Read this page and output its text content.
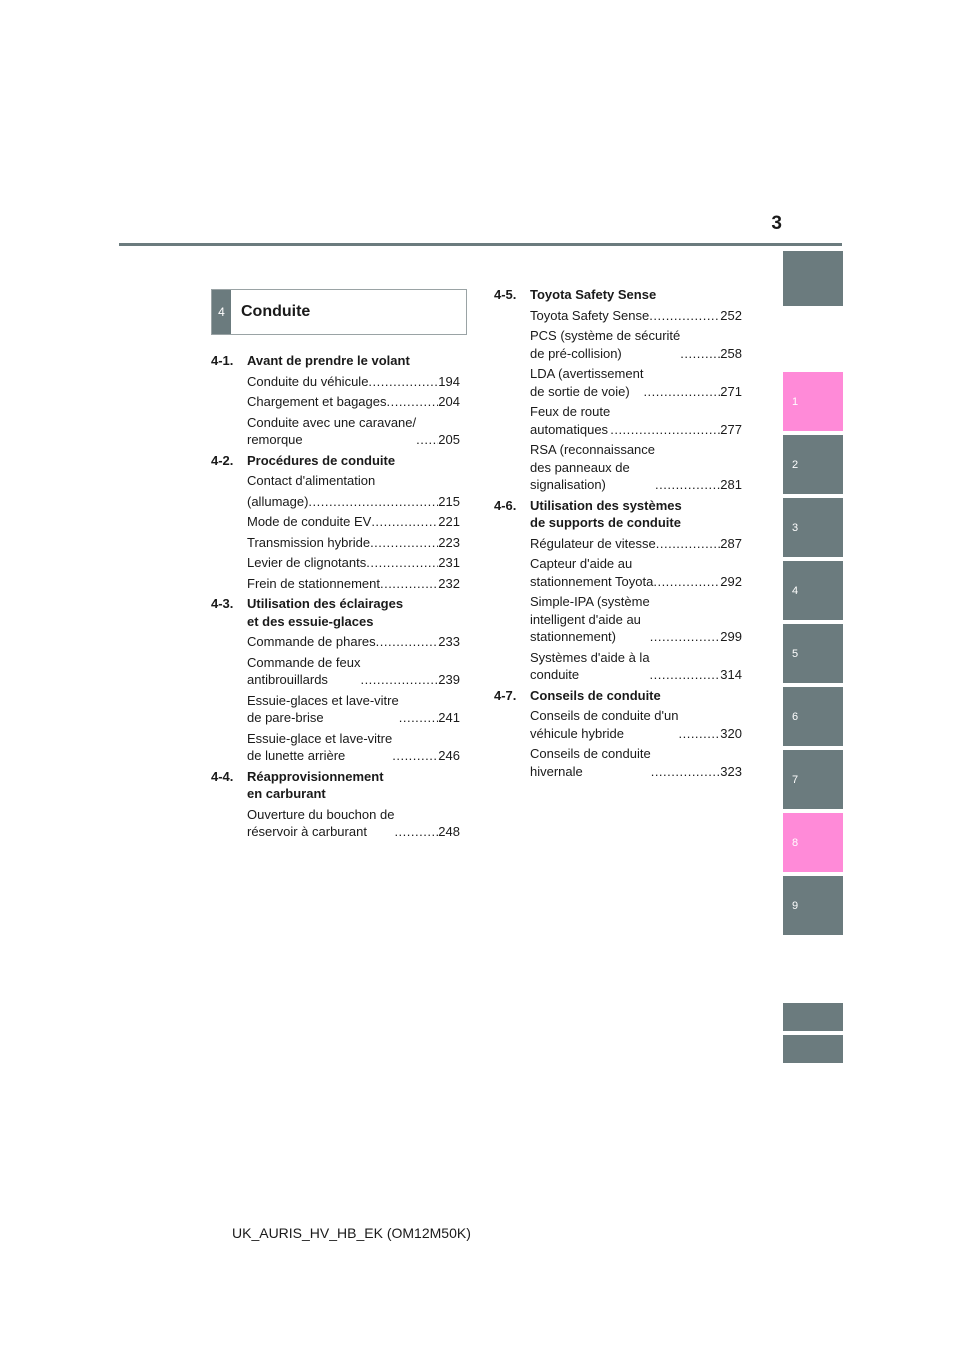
3
1
2
3
4
5
6
7
8
9
4	Conduite
4-1.	Avant de prendre le volant
Conduite du véhicule .....	194
Chargement et bagages .....	204
Conduite avec une caravane/
remorque .....	205
4-2.	Procédures de conduite
Contact d'alimentation
(allumage) .....	215
Mode de conduite EV .....	221
Transmission hybride .....	223
Levier de clignotants .....	231
Frein de stationnement .....	232
4-3.	Utilisation des éclairages
et des essuie-glaces
Commande de phares .....	233
Commande de feux
antibrouillards .....	239
Essuie-glaces et lave-vitre
de pare-brise .....	241
Essuie-glace et lave-vitre
de lunette arrière .....	246
4-4.	Réapprovisionnement
en carburant
Ouverture du bouchon de
réservoir à carburant .....	248
4-5.	Toyota Safety Sense
Toyota Safety Sense .....	252
PCS (système de sécurité
de pré-collision) .....	258
LDA (avertissement
de sortie de voie) .....	271
Feux de route
automatiques .....	277
RSA (reconnaissance
des panneaux de
signalisation) .....	281
4-6.	Utilisation des systèmes
de supports de conduite
Régulateur de vitesse .....	287
Capteur d'aide au
stationnement Toyota .....	292
Simple-IPA (système
intelligent d'aide au
stationnement) .....	299
Systèmes d'aide à la
conduite .....	314
4-7.	Conseils de conduite
Conseils de conduite d'un
véhicule hybride .....	320
Conseils de conduite
hivernale .....	323
UK_AURIS_HV_HB_EK (OM12M50K)
